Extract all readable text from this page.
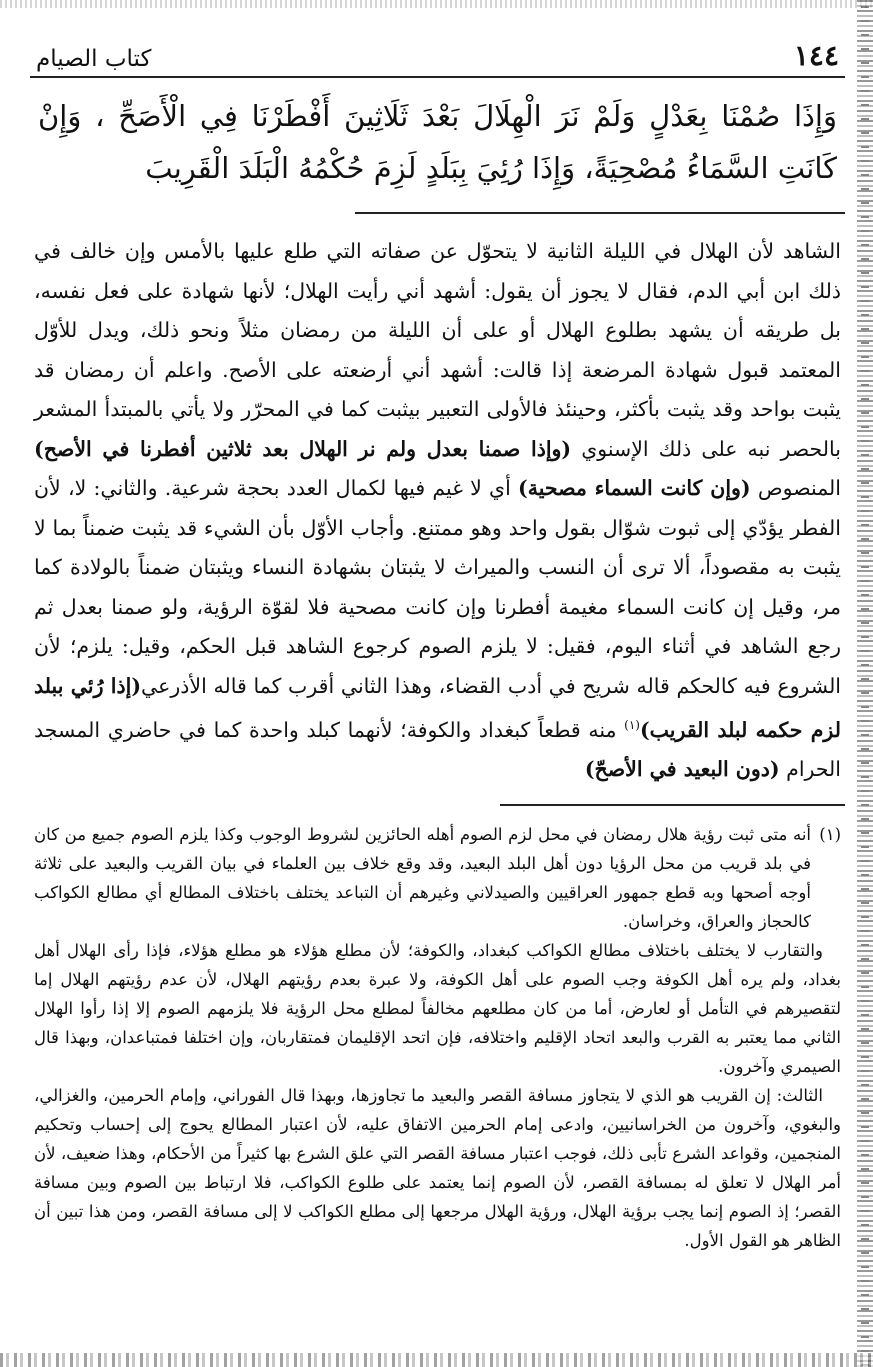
١٤٤
كتاب الصيام
وَإِذَا صُمْنَا بِعَدْلٍ وَلَمْ نَرَ الْهِلَالَ بَعْدَ ثَلَاثِينَ أَفْطَرْنَا فِي الْأَصَحِّ ، وَإِنْ كَانَتِ السَّمَاءُ مُصْحِيَةً، وَإِذَا رُئِيَ بِبَلَدٍ لَزِمَ حُكْمُهُ الْبَلَدَ الْقَرِيبَ
الشاهد لأن الهلال في الليلة الثانية لا يتحوّل عن صفاته التي طلع عليها بالأمس وإن خالف في ذلك ابن أبي الدم، فقال لا يجوز أن يقول: أشهد أني رأيت الهلال؛ لأنها شهادة على فعل نفسه، بل طريقه أن يشهد بطلوع الهلال أو على أن الليلة من رمضان مثلاً ونحو ذلك، ويدل للأوّل المعتمد قبول شهادة المرضعة إذا قالت: أشهد أني أرضعته على الأصح. واعلم أن رمضان قد يثبت بواحد وقد يثبت بأكثر، وحينئذ فالأولى التعبير بيثبت كما في المحرّر ولا يأتي بالمبتدأ المشعر بالحصر نبه على ذلك الإسنوي (وإذا صمنا بعدل ولم نر الهلال بعد ثلاثين أفطرنا في الأصح) المنصوص (وإن كانت السماء مصحية) أي لا غيم فيها لكمال العدد بحجة شرعية. والثاني: لا، لأن الفطر يؤدّي إلى ثبوت شوّال بقول واحد وهو ممتنع. وأجاب الأوّل بأن الشيء قد يثبت ضمناً بما لا يثبت به مقصوداً، ألا ترى أن النسب والميراث لا يثبتان بشهادة النساء ويثبتان ضمناً بالولادة كما مر، وقيل إن كانت السماء مغيمة أفطرنا وإن كانت مصحية فلا لقوّة الرؤية، ولو صمنا بعدل ثم رجع الشاهد في أثناء اليوم، فقيل: لا يلزم الصوم كرجوع الشاهد قبل الحكم، وقيل: يلزم؛ لأن الشروع فيه كالحكم قاله شريح في أدب القضاء، وهذا الثاني أقرب كما قاله الأذرعي(إذا رُئي ببلد لزم حكمه لبلد القريب)$^{(١)}$ منه قطعاً كبغداد والكوفة؛ لأنهما كبلد واحدة كما في حاضري المسجد الحرام (دون البعيد في الأصحّ)
(١)
أنه متى ثبت رؤية هلال رمضان في محل لزم الصوم أهله الحائزين لشروط الوجوب وكذا يلزم الصوم جميع من كان في بلد قريب من محل الرؤيا دون أهل البلد البعيد، وقد وقع خلاف بين العلماء في بيان القريب والبعيد على ثلاثة أوجه أصحها وبه قطع جمهور العراقيين والصيدلاني وغيرهم أن التباعد يختلف باختلاف المطالع أي مطالع الكواكب كالحجاز والعراق، وخراسان.
والتقارب لا يختلف باختلاف مطالع الكواكب كبغداد، والكوفة؛ لأن مطلع هؤلاء هو مطلع هؤلاء، فإذا رأى الهلال أهل بغداد، ولم يره أهل الكوفة وجب الصوم على أهل الكوفة، ولا عبرة بعدم رؤيتهم الهلال، لأن عدم رؤيتهم الهلال إما لتقصيرهم في التأمل أو لعارض، أما من كان مطلعهم مخالفاً لمطلع محل الرؤية فلا يلزمهم الصوم إلا إذا رأوا الهلال الثاني مما يعتبر به القرب والبعد اتحاد الإقليم واختلافه، فإن اتحد الإقليمان فمتقاربان، وإن اختلفا فمتباعدان، وبهذا قال الصيمري وآخرون.
الثالث: إن القريب هو الذي لا يتجاوز مسافة القصر والبعيد ما تجاوزها، وبهذا قال الفوراني، وإمام الحرمين، والغزالي، والبغوي، وآخرون من الخراسانيين، وادعى إمام الحرمين الاتفاق عليه، لأن اعتبار المطالع يحوج إلى إحساب وتحكيم المنجمين، وقواعد الشرع تأبى ذلك، فوجب اعتبار مسافة القصر التي علق الشرع بها كثيراً من الأحكام، وهذا ضعيف، لأن أمر الهلال لا تعلق له بمسافة القصر، لأن الصوم إنما يعتمد على طلوع الكواكب، فلا ارتباط بين الصوم وبين مسافة القصر؛ إذ الصوم إنما يجب برؤية الهلال، ورؤية الهلال مرجعها إلى مطلع الكواكب لا إلى مسافة القصر، ومن هذا تبين أن الظاهر هو القول الأول.
